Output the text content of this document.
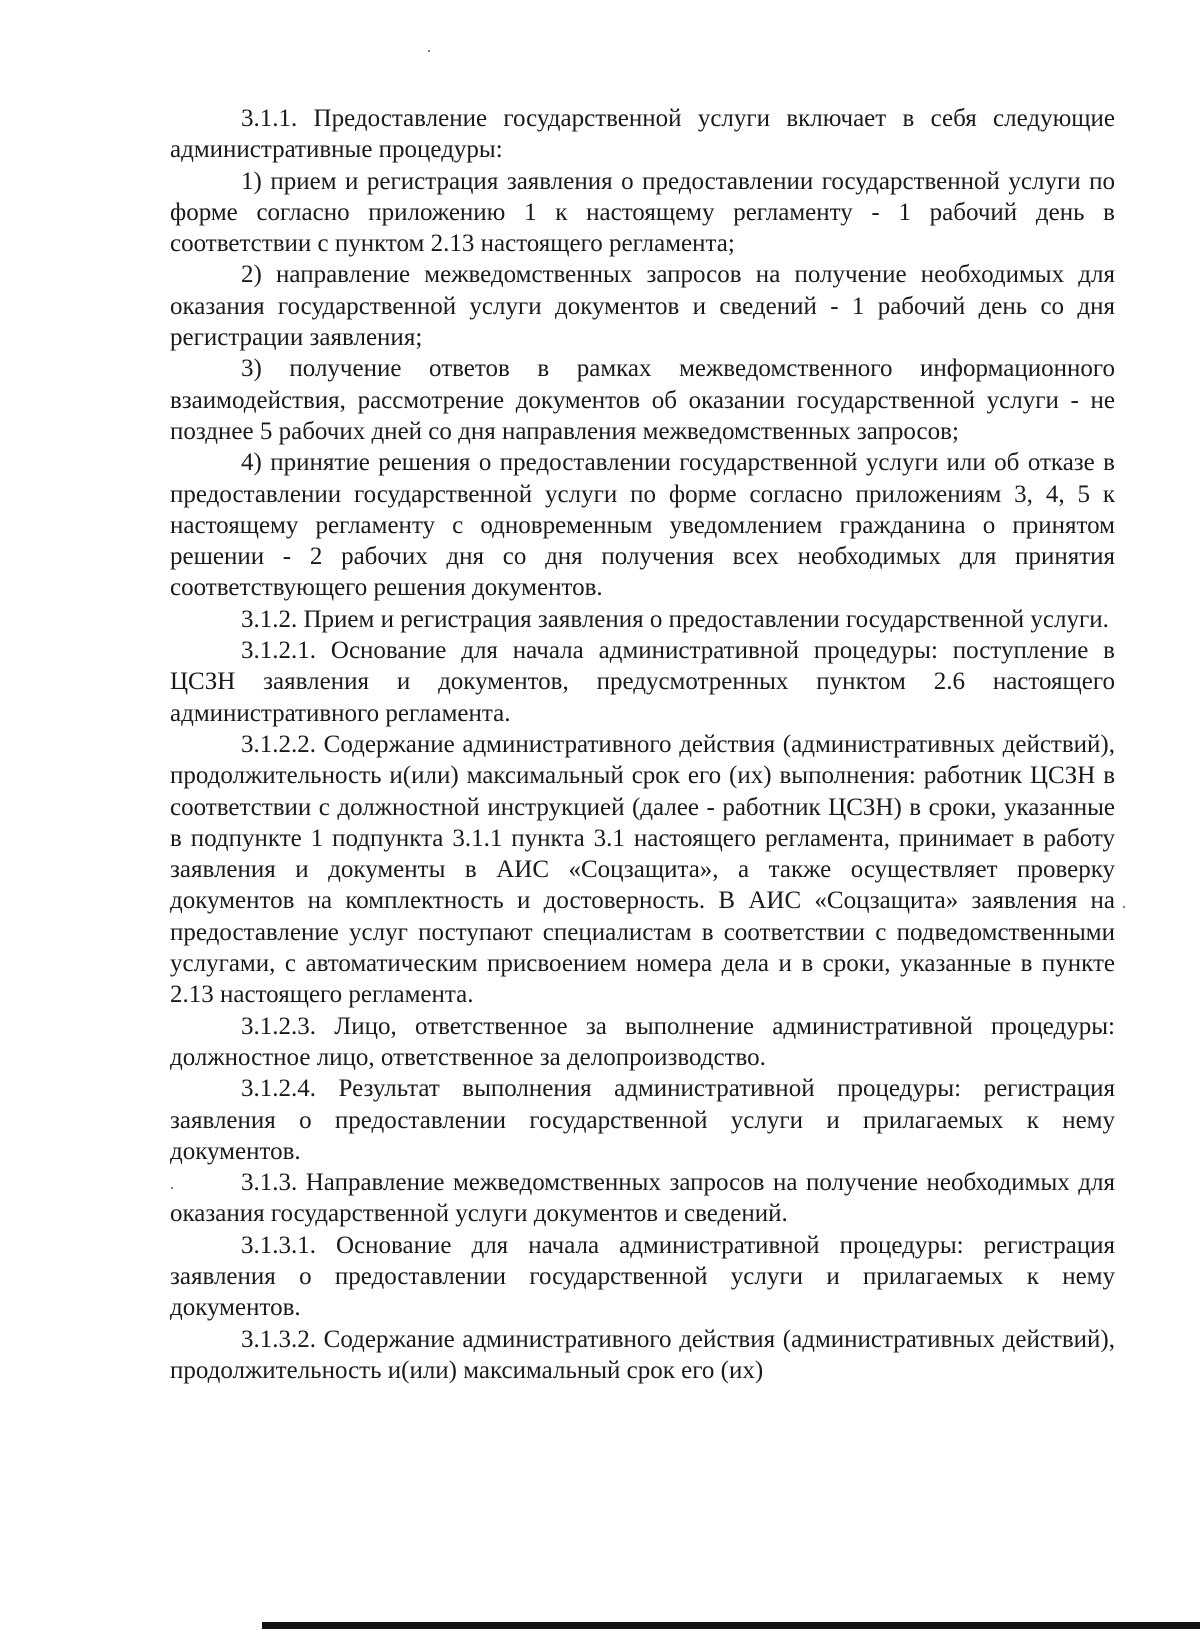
3.1.1. Предоставление государственной услуги включает в себя следующие административные процедуры:

1) прием и регистрация заявления о предоставлении государственной услуги по форме согласно приложению 1 к настоящему регламенту - 1 рабочий день в соответствии с пунктом 2.13 настоящего регламента;

2) направление межведомственных запросов на получение необходимых для оказания государственной услуги документов и сведений - 1 рабочий день со дня регистрации заявления;

3) получение ответов в рамках межведомственного информационного взаимодействия, рассмотрение документов об оказании государственной услуги - не позднее 5 рабочих дней со дня направления межведомственных запросов;

4) принятие решения о предоставлении государственной услуги или об отказе в предоставлении государственной услуги по форме согласно приложениям 3, 4, 5 к настоящему регламенту с одновременным уведомлением гражданина о принятом решении - 2 рабочих дня со дня получения всех необходимых для принятия соответствующего решения документов.

3.1.2. Прием и регистрация заявления о предоставлении государственной услуги.

3.1.2.1. Основание для начала административной процедуры: поступление в ЦСЗН заявления и документов, предусмотренных пунктом 2.6 настоящего административного регламента.

3.1.2.2. Содержание административного действия (административных действий), продолжительность и(или) максимальный срок его (их) выполнения: работник ЦСЗН в соответствии с должностной инструкцией (далее - работник ЦСЗН) в сроки, указанные в подпункте 1 подпункта 3.1.1 пункта 3.1 настоящего регламента, принимает в работу заявления и документы в АИС «Соцзащита», а также осуществляет проверку документов на комплектность и достоверность. В АИС «Соцзащита» заявления на предоставление услуг поступают специалистам в соответствии с подведомственными услугами, с автоматическим присвоением номера дела и в сроки, указанные в пункте 2.13 настоящего регламента.

3.1.2.3. Лицо, ответственное за выполнение административной процедуры: должностное лицо, ответственное за делопроизводство.

3.1.2.4. Результат выполнения административной процедуры: регистрация заявления о предоставлении государственной услуги и прилагаемых к нему документов.

3.1.3. Направление межведомственных запросов на получение необходимых для оказания государственной услуги документов и сведений.

3.1.3.1. Основание для начала административной процедуры: регистрация заявления о предоставлении государственной услуги и прилагаемых к нему документов.

3.1.3.2. Содержание административного действия (административных действий), продолжительность и(или) максимальный срок его (их)
